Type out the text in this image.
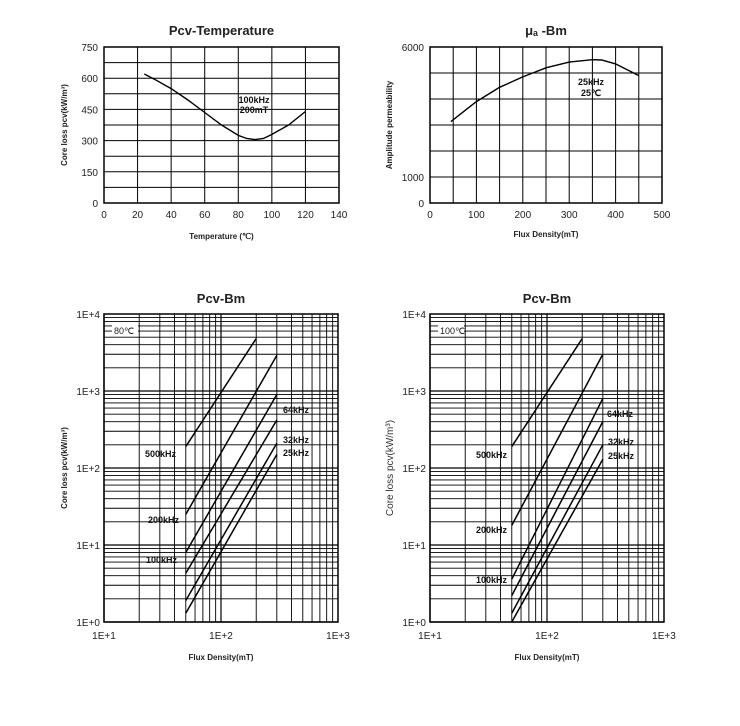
0	20 40 60 80 100 120 140
0
150
300
450
600
750
Pcv-Temperature
Temperature (℃)
Core loss pcv(kW/m³)	100kHz
200mT
0	100	200	300	400	500
0
1000
6000
μₐ -Bm
Flux Density(mT)
Amplitude permeability	25kHz
25℃
1E+1	1E+2	1E+3
1E+0
1E+1
1E+2
1E+3
1E+4
Pcv-Bm
Flux Density(mT)
Core loss pcv(kW/m³)
80℃
500kHz
200kHz
100kHz
64kHz
32kHz
25kHz
1E+1	1E+2	1E+3
1E+0
1E+1
1E+2
1E+3
1E+4
Pcv-Bm
Flux Density(mT)
Core loss pcv(kW/m³)
100℃
500kHz
200kHz
100kHz
64kHz
32kHz
25kHz
